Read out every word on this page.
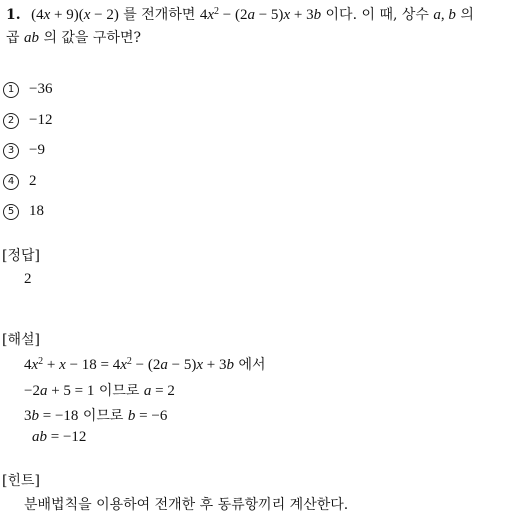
1. (4x + 9)(x − 2) 를 전개하면 $4x^2 - (2a - 5)x + 3b$ 이다. 이 때, 상수 a, b 의
곱 ab 의 값을 구하면?
1 −36
2 −12
3 −9
4 2
5 18
[정답]
2
[해설]
$4x^2 + x - 18 = 4x^2 - (2a - 5)x + 3b$ 에서
−2a + 5 = 1 이므로 a = 2
3b = −18 이므로 b = −6
ab = −12
[힌트]
분배법칙을 이용하여 전개한 후 동류항끼리 계산한다.
